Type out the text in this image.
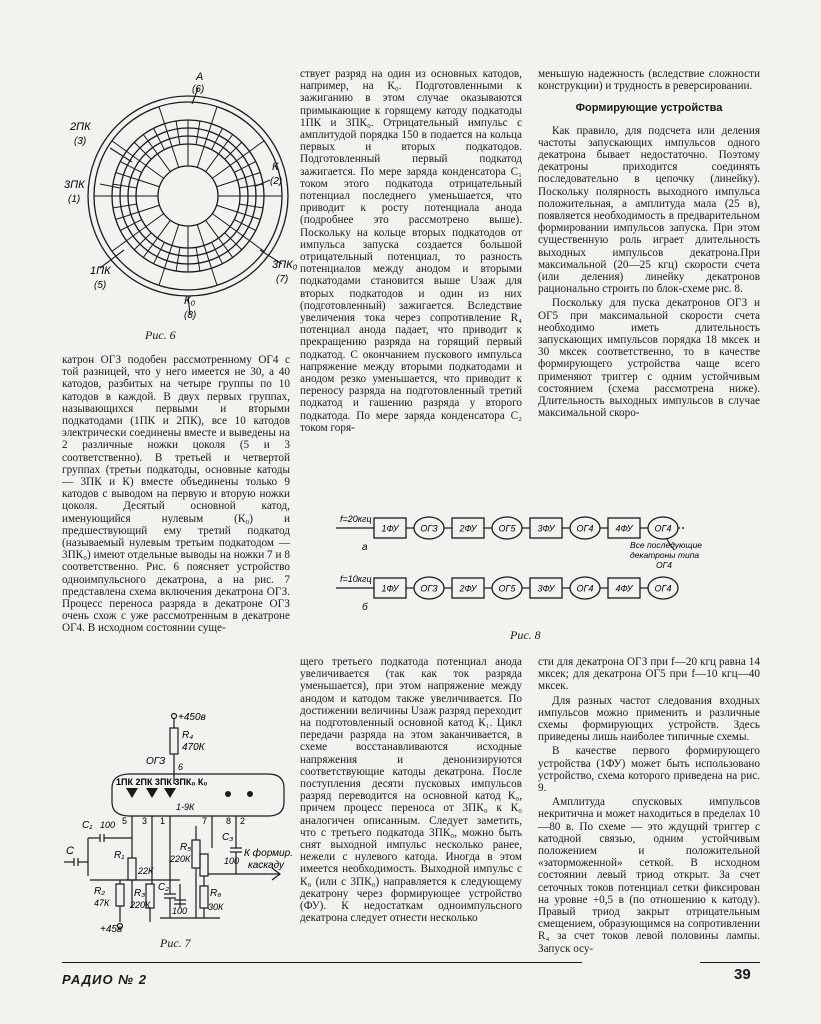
А
(6)
2ПК
(3)
3ПК
(1)
К
(2)
1ПК
(5)
3ПК₀
(7)
К₀
(8)
Рис. 6

катрон ОГЗ подобен рассмотренному ОГ4 с той разницей, что у него имеется не 30, а 40 катодов, разбитых на четыре группы по 10 катодов в каждой. В двух первых группах, называющихся первыми и вторыми подкатодами (1ПК и 2ПК), все 10 катодов электрически соединены вместе и выведены на 2 различные ножки цоколя (5 и 3 соответственно). В третьей и четвертой группах (третьи подкатоды, основные катоды — 3ПК и К) вместе объединены только 9 катодов с выводом на первую и вторую ножки цоколя. Десятый основной катод, именующийся нулевым (К₀) и предшествующий ему третий подкатод (называемый нулевым третьим подкатодом — 3ПК₀) имеют отдельные выводы на ножки 7 и 8 соответственно. Рис. 6 поясняет устройство одноимпульсного декатрона, а на рис. 7 представлена схема включения декатрона ОГЗ. Процесс переноса разряда в декатроне ОГЗ очень схож с уже рассмотренным в декатроне ОГ4. В исходном состоянии суще-

+450в
R₄
470К
ОГЗ 6
1ПК 2ПК 3ПК 3ПК₀ К₀
1-9К
C₁ 100
C	R₁
22К
R₂
47К
R₃
220К
C₂
100
R₅
220К
C₃
100
R₆
30К
К формир.
каскаду
+45в
5 3 1	7 8 2
Рис. 7

ствует разряд на один из основных катодов, например, на К₀. Подготовленными к зажиганию в этом случае оказываются примыкающие к горящему катоду подкатоды 1ПК и 3ПК₀. Отрицательный импульс с амплитудой порядка 150 в подается на кольца первых и вторых подкатодов. Подготовленный первый подкатод зажигается. По мере заряда конденсатора C₁ током этого подкатода отрицательный потенциал последнего уменьшается, что приводит к росту потенциала анода (подробнее это рассмотрено выше). Поскольку на кольце вторых подкатодов от импульса запуска создается большой отрицательный потенциал, то разность потенциалов между анодом и вторыми подкатодами становится выше Uзаж для вторых подкатодов и один из них (подготовленный) зажигается. Вследствие увеличения тока через сопротивление R₄ потенциал анода падает, что приводит к прекращению разряда на горящий первый подкатод. С окончанием пускового импульса напряжение между вторыми подкатодами и анодом резко уменьшается, что приводит к переносу разряда на подготовленный третий подкатод и гашению разряда у второго подкатода. По мере заряда конденсатора C₂ током горя-

меньшую надежность (вследствие сложности конструкции) и трудность в реверсировании.

Формирующие устройства

Как правило, для подсчета или деления частоты запускающих импульсов одного декатрона бывает недостаточно. Поэтому декатроны приходится соединять последовательно в цепочку (линейку). Поскольку полярность выходного импульса положительная, а амплитуда мала (25 в), появляется необходимость в предварительном формировании импульсов запуска. При этом существенную роль играет длительность выходных импульсов декатрона.При максимальной (20—25 кгц) скорости счета (или деления) линейку декатронов рационально строить по блок-схеме рис. 8.

Поскольку для пуска декатронов ОГЗ и ОГ5 при максимальной скорости счета необходимо иметь длительность запускающих импульсов порядка 18 мксек и 30 мксек соответственно, то в качестве формирующего устройства чаще всего применяют триггер с одним устойчивым состоянием (схема рассмотрена ниже). Длительность выходных импульсов в случае максимальной скоро-

f=20кгц
а
f=10кгц
б
Все последующие
декатроны типа
ОГ4
1ФУ ОГЗ 2ФУ ОГ5 3ФУ ОГ4 4ФУ ОГ4
1ФУ ОГЗ 2ФУ ОГ5 3ФУ ОГ4 4ФУ ОГ4
Рис. 8

щего третьего подкатода потенциал анода увеличивается (так как ток разряда уменьшается), при этом напряжение между анодом и катодом также увеличивается. По достижении величины Uзаж разряд переходит на подготовленный основной катод К₁. Цикл передачи разряда на этом заканчивается, в схеме восстанавливаются исходные напряжения и денонизируются соответствующие катоды декатрона. После поступления десяти пусковых импульсов разряд переводится на основной катод К₀, причем процесс переноса от 3ПК₀ к К₀ аналогичен описанным. Следует заметить, что с третьего подкатода 3ПК₀, можно быть снят выходной импульс несколько ранее, нежели с нулевого катода. Иногда в этом имеется необходимость. Выходной импульс с К₀ (или с 3ПК₀) направляется к следующему декатрону через формирующее устройство (ФУ). К недостаткам одноимпульсного декатрона следует отнести несколько

сти для декатрона ОГЗ при f—20 кгц равна 14 мксек; для декатрона ОГ5 при f—10 кгц—40 мксек.

Для разных частот следования входных импульсов можно применить и различные схемы формирующих устройств. Здесь приведены лишь наиболее типичные схемы.

В качестве первого формирующего устройства (1ФУ) может быть использовано устройство, схема которого приведена на рис. 9.

Амплитуда спусковых импульсов некритична и может находиться в пределах 10—80 в. По схеме — это ждущий триггер с катодной связью, одним устойчивым положением и положительной «заторможенной» сеткой. В исходном состоянии левый триод открыт. За счет сеточных токов потенциал сетки фиксирован на уровне +0,5 в (по отношению к катоду). Правый триод закрыт отрицательным смещением, образующимся на сопротивлении R₄ за счет токов левой половины лампы. Запуск осу-

РАДИО № 2	39
